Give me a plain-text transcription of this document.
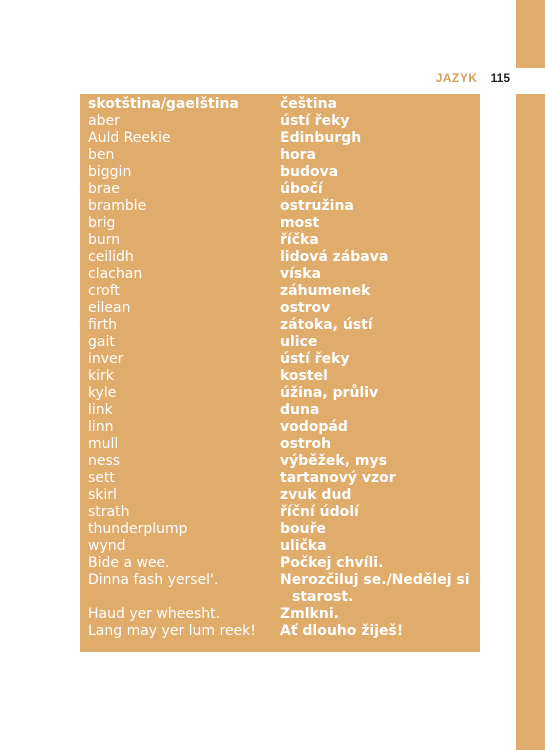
JAZYK 115
skotština/gaelština	čeština
aber	ústí řeky
Auld Reekie	Edinburgh
ben	hora
biggin	budova
brae	úbočí
bramble	ostružina
brig	most
burn	říčka
ceilidh	lidová zábava
clachan	víska
croft	záhumenek
eilean	ostrov
firth	zátoka, ústí
gait	ulice
inver	ústí řeky
kirk	kostel
kyle	úžina, průliv
link	duna
linn	vodopád
mull	ostroh
ness	výběžek, mys
sett	tartanový vzor
skirl	zvuk dud
strath	říční údolí
thunderplump	bouře
wynd	ulička
Bide a wee.	Počkej chvíli.
Dinna fash yersel'.	Nerozčiluj se./Nedělej si
starost.
Haud yer wheesht.	Zmlkni.
Lang may yer lum reek!	Ať dlouho žiješ!
